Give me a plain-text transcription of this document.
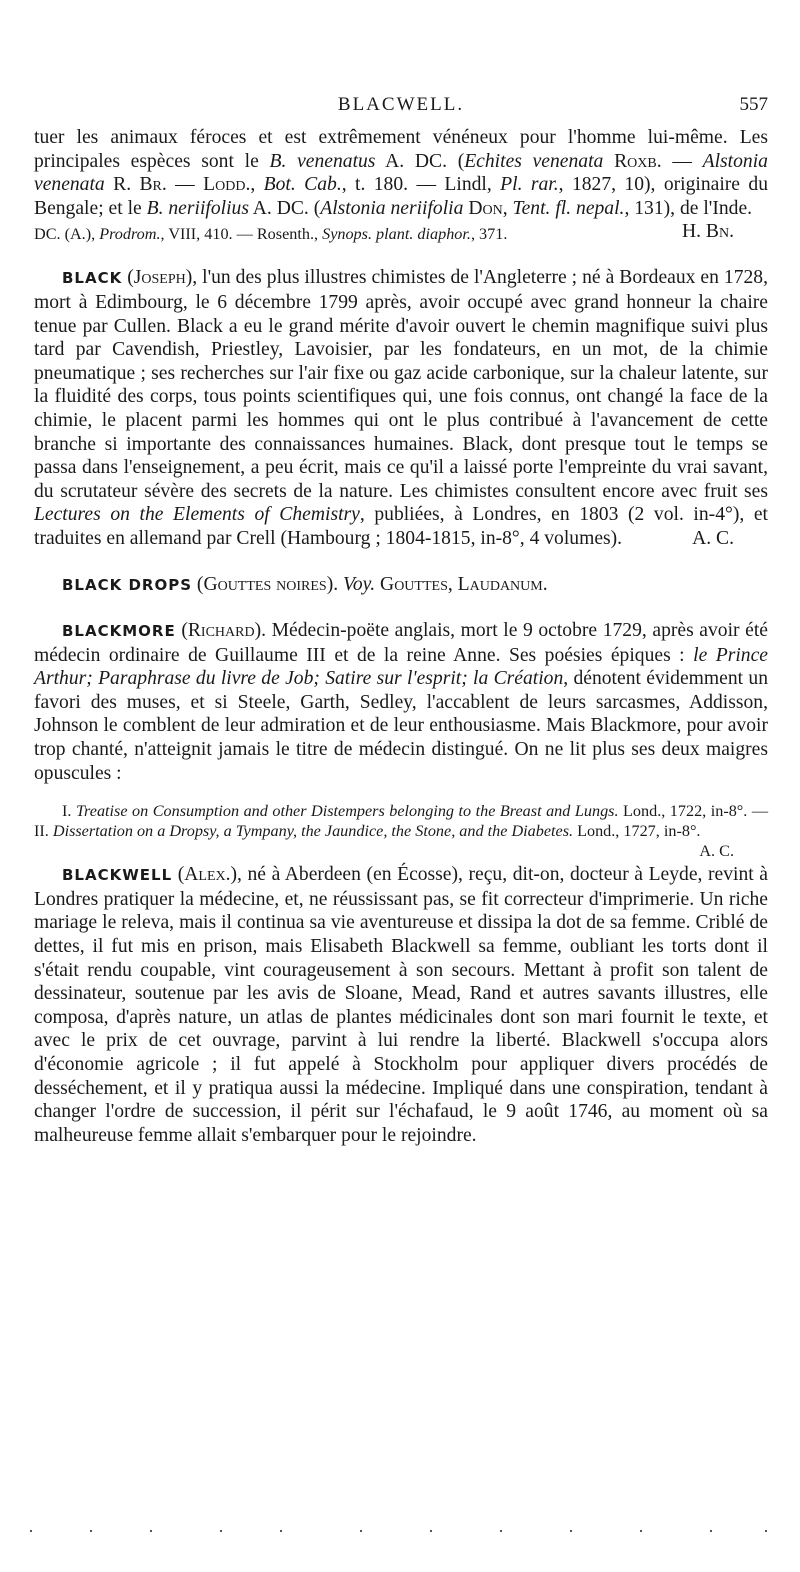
BLACWELL.	557

tuer les animaux féroces et est extrêmement vénéneux pour l'homme lui-même. Les principales espèces sont le B. venenatus A. DC. (Echites venenata Roxb. — Alstonia venenata R. Br. — Lodd., Bot. Cab., t. 180. — Lindl, Pl. rar., 1827, 10), originaire du Bengale; et le B. neriifolius A. DC. (Alstonia neriifolia Don, Tent. fl. nepal., 131), de l'Inde.
H. Bn.

DC. (A.), Prodrom., VIII, 410. — Rosenth., Synops. plant. diaphor., 371.

BLACK (Joseph), l'un des plus illustres chimistes de l'Angleterre ; né à Bordeaux en 1728, mort à Edimbourg, le 6 décembre 1799 après, avoir occupé avec grand honneur la chaire tenue par Cullen. Black a eu le grand mérite d'avoir ouvert le chemin magnifique suivi plus tard par Cavendish, Priestley, Lavoisier, par les fondateurs, en un mot, de la chimie pneumatique ; ses recherches sur l'air fixe ou gaz acide carbonique, sur la chaleur latente, sur la fluidité des corps, tous points scientifiques qui, une fois connus, ont changé la face de la chimie, le placent parmi les hommes qui ont le plus contribué à l'avancement de cette branche si importante des connaissances humaines. Black, dont presque tout le temps se passa dans l'enseignement, a peu écrit, mais ce qu'il a laissé porte l'empreinte du vrai savant, du scrutateur sévère des secrets de la nature. Les chimistes consultent encore avec fruit ses Lectures on the Elements of Chemistry, publiées, à Londres, en 1803 (2 vol. in-4°), et traduites en allemand par Crell (Hambourg ; 1804-1815, in-8°, 4 volumes).	A. C.

BLACK DROPS (Gouttes noires). Voy. Gouttes, Laudanum.

BLACKMORE (Richard). Médecin-poëte anglais, mort le 9 octobre 1729, après avoir été médecin ordinaire de Guillaume III et de la reine Anne. Ses poésies épiques : le Prince Arthur; Paraphrase du livre de Job; Satire sur l'esprit; la Création, dénotent évidemment un favori des muses, et si Steele, Garth, Sedley, l'accablent de leurs sarcasmes, Addisson, Johnson le comblent de leur admiration et de leur enthousiasme. Mais Blackmore, pour avoir trop chanté, n'atteignit jamais le titre de médecin distingué. On ne lit plus ses deux maigres opuscules :

I. Treatise on Consumption and other Distempers belonging to the Breast and Lungs. Lond., 1722, in-8°. — II. Dissertation on a Dropsy, a Tympany, the Jaundice, the Stone, and the Diabetes. Lond., 1727, in-8°.
A. C.

BLACKWELL (Alex.), né à Aberdeen (en Écosse), reçu, dit-on, docteur à Leyde, revint à Londres pratiquer la médecine, et, ne réussissant pas, se fit correcteur d'imprimerie. Un riche mariage le releva, mais il continua sa vie aventureuse et dissipa la dot de sa femme. Criblé de dettes, il fut mis en prison, mais Elisabeth Blackwell sa femme, oubliant les torts dont il s'était rendu coupable, vint courageusement à son secours. Mettant à profit son talent de dessinateur, soutenue par les avis de Sloane, Mead, Rand et autres savants illustres, elle composa, d'après nature, un atlas de plantes médicinales dont son mari fournit le texte, et avec le prix de cet ouvrage, parvint à lui rendre la liberté. Blackwell s'occupa alors d'économie agricole ; il fut appelé à Stockholm pour appliquer divers procédés de desséchement, et il y pratiqua aussi la médecine. Impliqué dans une conspiration, tendant à changer l'ordre de succession, il périt sur l'échafaud, le 9 août 1746, au moment où sa malheureuse femme allait s'embarquer pour le rejoindre.
